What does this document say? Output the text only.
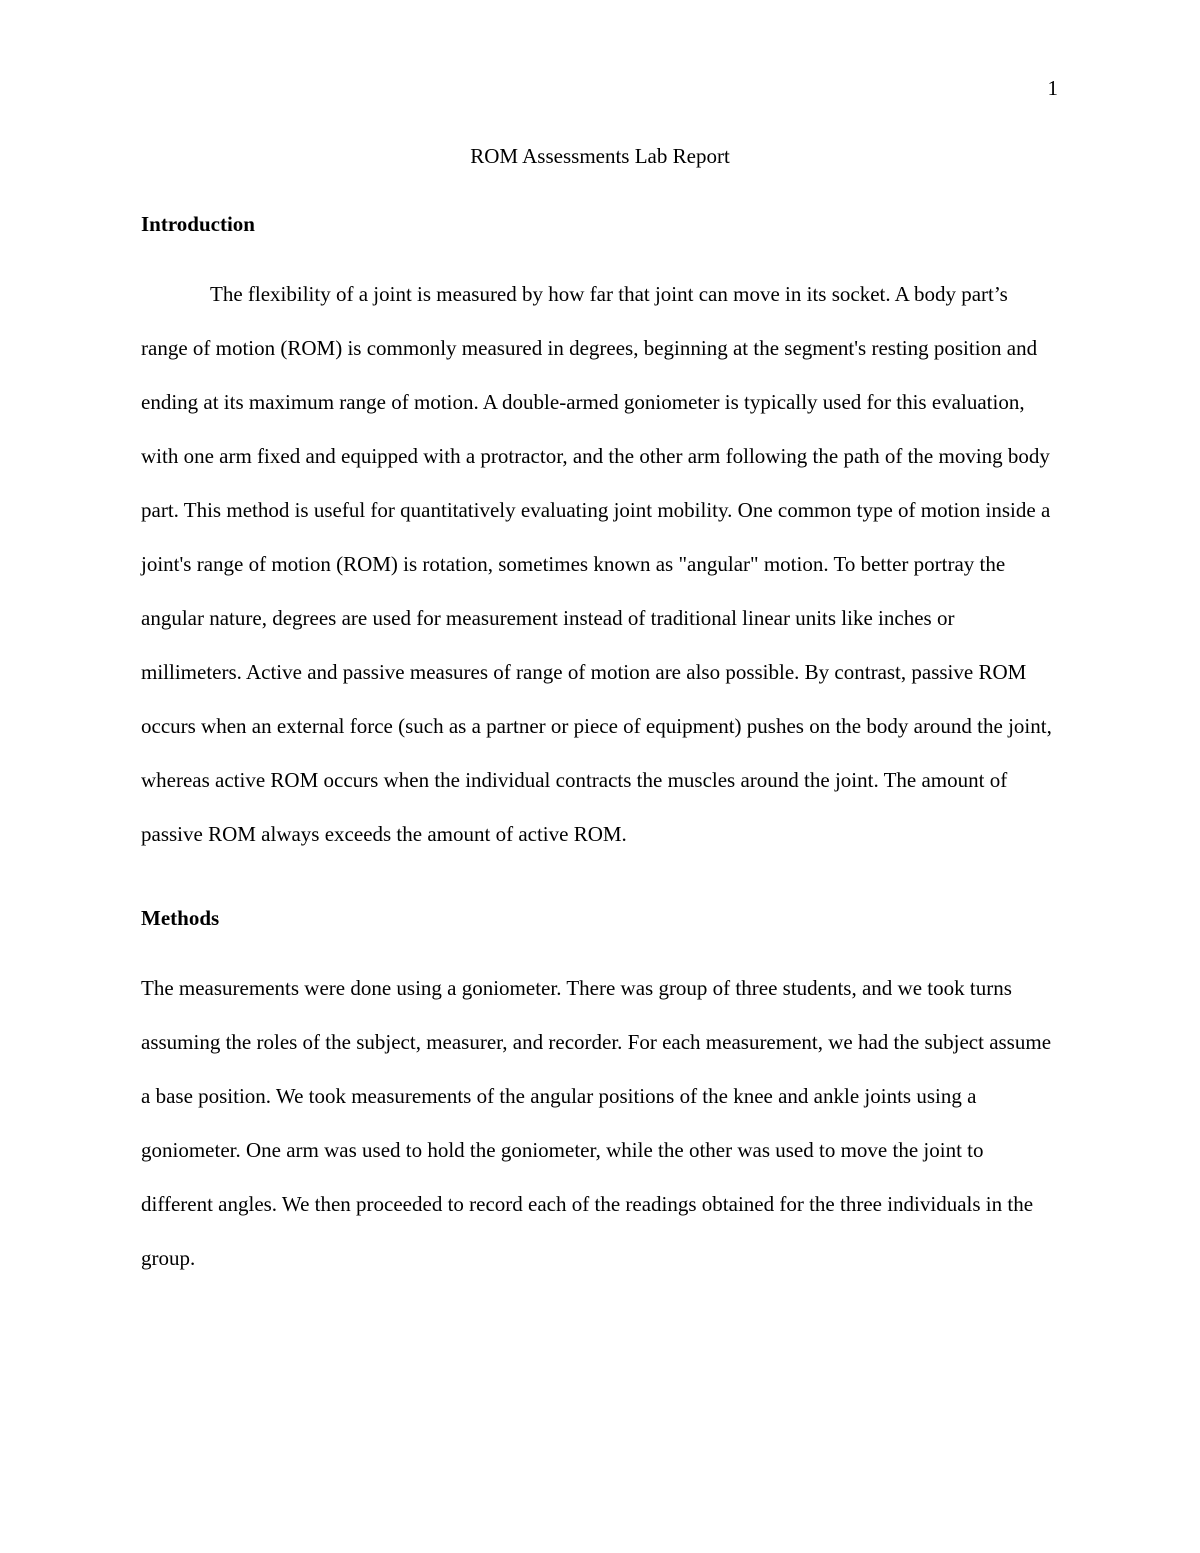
1
ROM Assessments Lab Report
Introduction

The flexibility of a joint is measured by how far that joint can move in its socket. A body part’s range of motion (ROM) is commonly measured in degrees, beginning at the segment's resting position and ending at its maximum range of motion. A double-armed goniometer is typically used for this evaluation, with one arm fixed and equipped with a protractor, and the other arm following the path of the moving body part. This method is useful for quantitatively evaluating joint mobility. One common type of motion inside a joint's range of motion (ROM) is rotation, sometimes known as "angular" motion. To better portray the angular nature, degrees are used for measurement instead of traditional linear units like inches or millimeters. Active and passive measures of range of motion are also possible. By contrast, passive ROM occurs when an external force (such as a partner or piece of equipment) pushes on the body around the joint, whereas active ROM occurs when the individual contracts the muscles around the joint. The amount of passive ROM always exceeds the amount of active ROM.

Methods

The measurements were done using a goniometer. There was group of three students, and we took turns assuming the roles of the subject, measurer, and recorder. For each measurement, we had the subject assume a base position. We took measurements of the angular positions of the knee and ankle joints using a goniometer. One arm was used to hold the goniometer, while the other was used to move the joint to different angles. We then proceeded to record each of the readings obtained for the three individuals in the group.
